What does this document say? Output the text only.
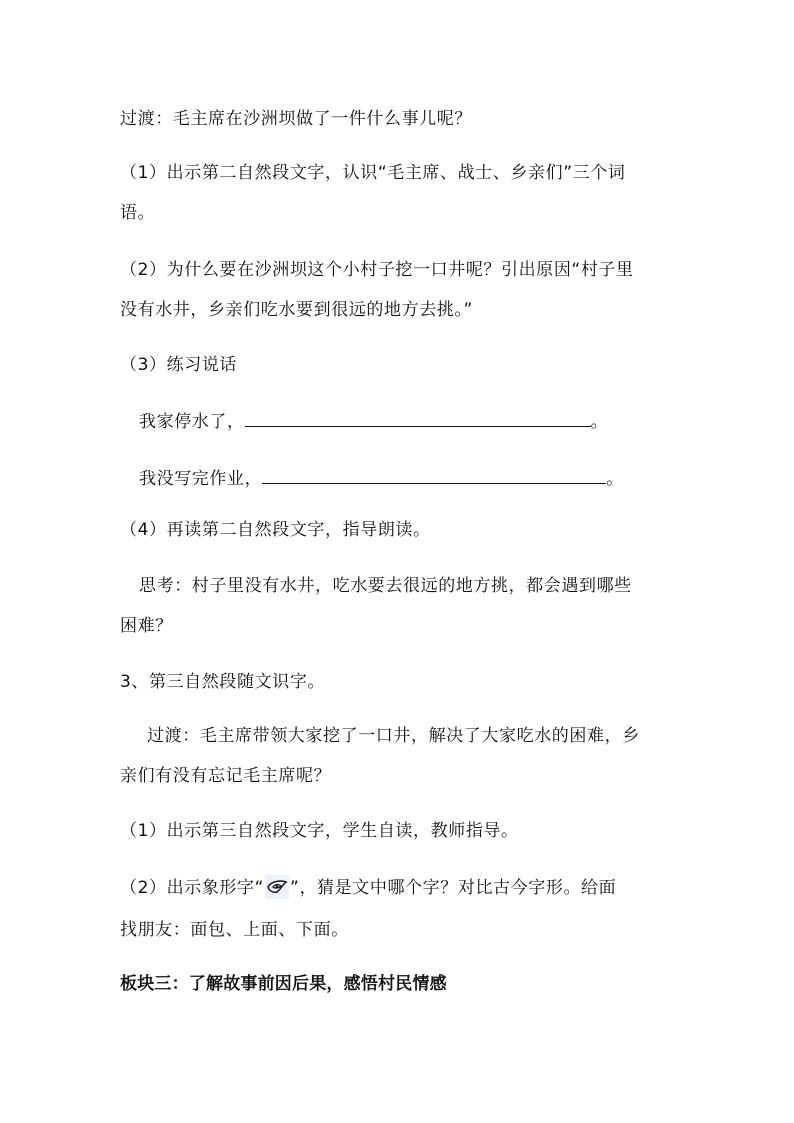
过渡：毛主席在沙洲坝做了一件什么事儿呢？
（1）出示第二自然段文字，认识“毛主席、战士、乡亲们”三个词
语。
（2）为什么要在沙洲坝这个小村子挖一口井呢？引出原因“村子里
没有水井，乡亲们吃水要到很远的地方去挑。”
（3）练习说话
我家停水了，	。
我没写完作业，	。
（4）再读第二自然段文字，指导朗读。
思考：村子里没有水井，吃水要去很远的地方挑，都会遇到哪些
困难？
3、第三自然段随文识字。
过渡：毛主席带领大家挖了一口井，解决了大家吃水的困难，乡
亲们有没有忘记毛主席呢？
（1）出示第三自然段文字，学生自读，教师指导。
（2）出示象形字“ ”，猜是文中哪个字？对比古今字形。给面
找朋友：面包、上面、下面。
板块三：了解故事前因后果，感悟村民情感
